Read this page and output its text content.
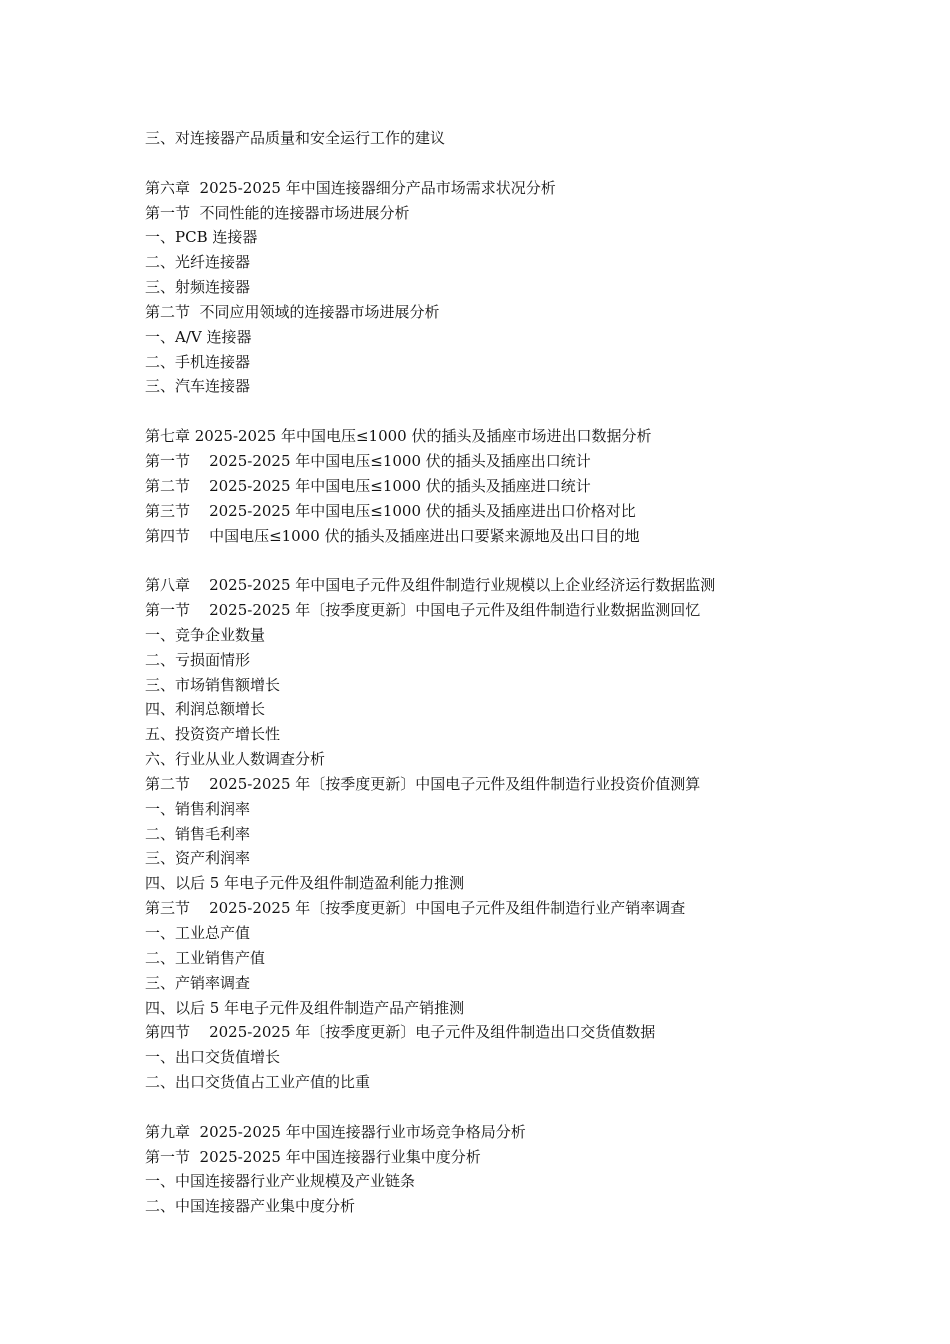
三、对连接器产品质量和安全运行工作的建议
第六章  2025-2025 年中国连接器细分产品市场需求状况分析
第一节  不同性能的连接器市场进展分析
一、PCB 连接器
二、光纤连接器
三、射频连接器
第二节  不同应用领域的连接器市场进展分析
一、A/V 连接器
二、手机连接器
三、汽车连接器
第七章 2025-2025 年中国电压≤1000 伏的插头及插座市场进出口数据分析
第一节    2025-2025 年中国电压≤1000 伏的插头及插座出口统计
第二节    2025-2025 年中国电压≤1000 伏的插头及插座进口统计
第三节    2025-2025 年中国电压≤1000 伏的插头及插座进出口价格对比
第四节    中国电压≤1000 伏的插头及插座进出口要紧来源地及出口目的地
第八章    2025-2025 年中国电子元件及组件制造行业规模以上企业经济运行数据监测
第一节    2025-2025 年〔按季度更新〕中国电子元件及组件制造行业数据监测回忆
一、竞争企业数量
二、亏损面情形
三、市场销售额增长
四、利润总额增长
五、投资资产增长性
六、行业从业人数调查分析
第二节    2025-2025 年〔按季度更新〕中国电子元件及组件制造行业投资价值测算
一、销售利润率
二、销售毛利率
三、资产利润率
四、以后 5 年电子元件及组件制造盈利能力推测
第三节    2025-2025 年〔按季度更新〕中国电子元件及组件制造行业产销率调查
一、工业总产值
二、工业销售产值
三、产销率调查
四、以后 5 年电子元件及组件制造产品产销推测
第四节    2025-2025 年〔按季度更新〕电子元件及组件制造出口交货值数据
一、出口交货值增长
二、出口交货值占工业产值的比重
第九章  2025-2025 年中国连接器行业市场竞争格局分析
第一节  2025-2025 年中国连接器行业集中度分析
一、中国连接器行业产业规模及产业链条
二、中国连接器产业集中度分析
